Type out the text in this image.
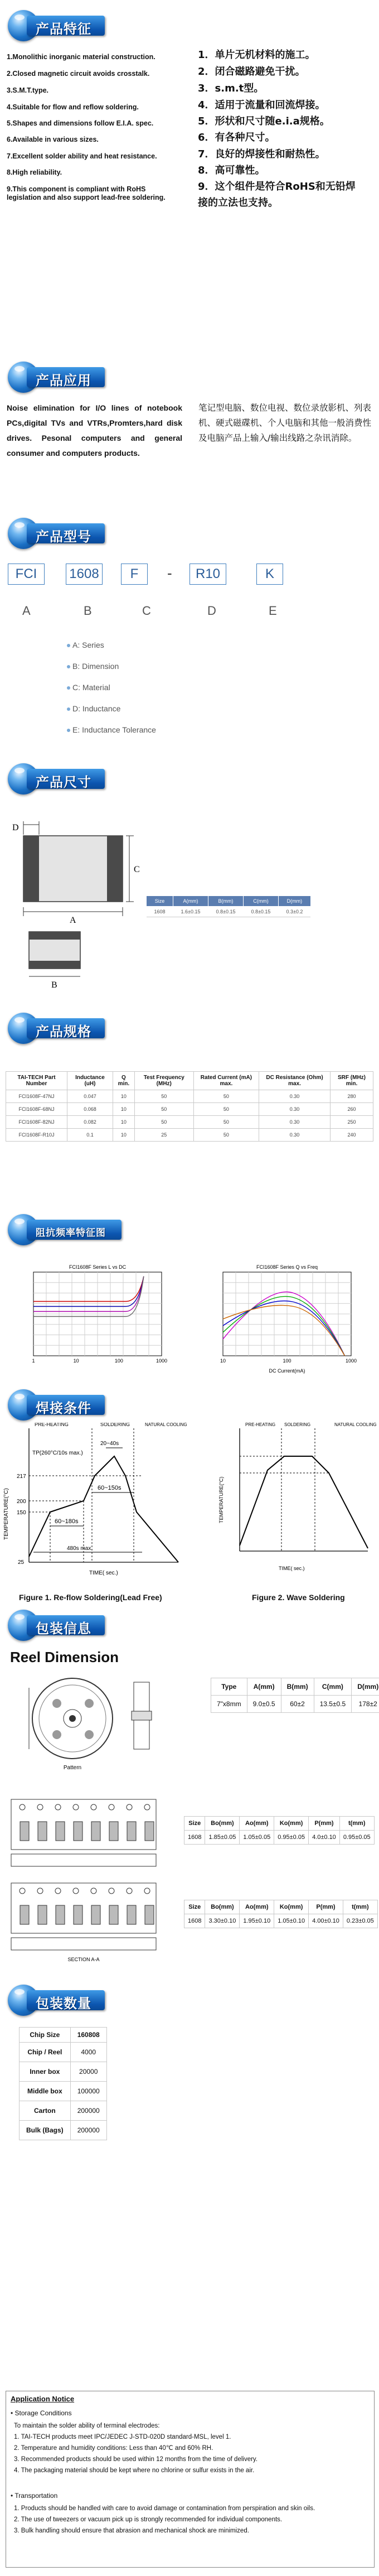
产品特征
1.Monolithic inorganic material construction.
2.Closed magnetic circuit avoids crosstalk.
3.S.M.T.type.
4.Suitable for flow and reflow soldering.
5.Shapes and dimensions follow E.I.A. spec.
6.Available in various sizes.
7.Excellent solder ability and heat resistance.
8.High reliability.
9.This component is compliant with RoHS legislation and also support lead-free soldering.
1．单片无机材料的施工。
2．闭合磁路避免干扰。
3．s.m.t型。
4．适用于流量和回流焊接。
5．形状和尺寸随e.i.a规格。
6．有各种尺寸。
7．良好的焊接性和耐热性。
8．高可靠性。
9．这个组件是符合RoHS和无铅焊接的立法也支持。
产品应用
Noise elimination for I/O lines of notebook PCs,digital TVs and VTRs,Promters,hard disk drives. Pesonal computers and general consumer and computers products.
笔记型电脑、数位电视、数位录放影机、列表机、硬式磁碟机、个人电脑和其他一般消费性及电脑产品上输入/输出线路之杂讯消除。
产品型号
FCI	1608	F	-	R10	K
A	B	C	D	E
A: Series
B: Dimension
C: Material
D: Inductance
E: Inductance Tolerance
产品尺寸
D
A
C
B
Size	A(mm)	B(mm)	C(mm)	D(mm)
1608	1.6±0.15	0.8±0.15	0.8±0.15	0.3±0.2
产品规格
TAI-TECH Part Number	Inductance (uH)	Q min.	Test Frequency (MHz)	Rated Current (mA) max.	DC Resistance (Ohm) max.	SRF (MHz) min.
FCI1608F-47NJ	0.047	10	50	50	0.30	280
FCI1608F-68NJ	0.068	10	50	50	0.30	260
FCI1608F-82NJ	0.082	10	50	50	0.30	250
FCI1608F-R10J	0.1	10	25	50	0.30	240
阻抗频率特征图
FCI1608F Series L vs DC
1	10	100	1000
FCI1608F Series Q vs Freq
10	100	1000
DC Current(mA)
焊接条件
PRE-HEATING	SOLDERING	NATURAL COOLING
20~40s
TP(260°C/10s max.)
217
200
150
60~150s
60~180s
480s max.
25
TIME( sec.)
TEMPERATURE(°C)
PRE-HEATING SOLDERING	NATURAL COOLING
TIME( sec.)
TEMPERATURE(°C)
Figure 1. Re-flow Soldering(Lead Free)	Figure 2. Wave Soldering
包装信息
Reel Dimension
Pattern
Type	A(mm)	B(mm)	C(mm)	D(mm)
7"x8mm	9.0±0.5	60±2	13.5±0.5	178±2
SECTION A-A
Size	Bo(mm)	Ao(mm)	Ko(mm)	P(mm)	t(mm)
1608	1.85±0.05	1.05±0.05	0.95±0.05	4.0±0.10	0.95±0.05
Size	Bo(mm)	Ao(mm)	Ko(mm)	P(mm)	t(mm)
1608	3.30±0.10	1.95±0.10	1.05±0.10	4.00±0.10	0.23±0.05
包装数量
Chip Size	160808
Chip / Reel	4000
Inner box	20000
Middle box	100000
Carton	200000
Bulk (Bags)	200000
Application Notice
• Storage Conditions
To maintain the solder ability of terminal electrodes:
1. TAI-TECH products meet IPC/JEDEC J-STD-020D standard-MSL, level 1.
2. Temperature and humidity conditions: Less than 40℃ and 60% RH.
3. Recommended products should be used within 12 months from the time of delivery.
4. The packaging material should be kept where no chlorine or sulfur exists in the air.
• Transportation
1. Products should be handled with care to avoid damage or contamination from perspiration and skin oils.
2. The use of tweezers or vacuum pick up is strongly recommended for individual components.
3. Bulk handling should ensure that abrasion and mechanical shock are minimized.
